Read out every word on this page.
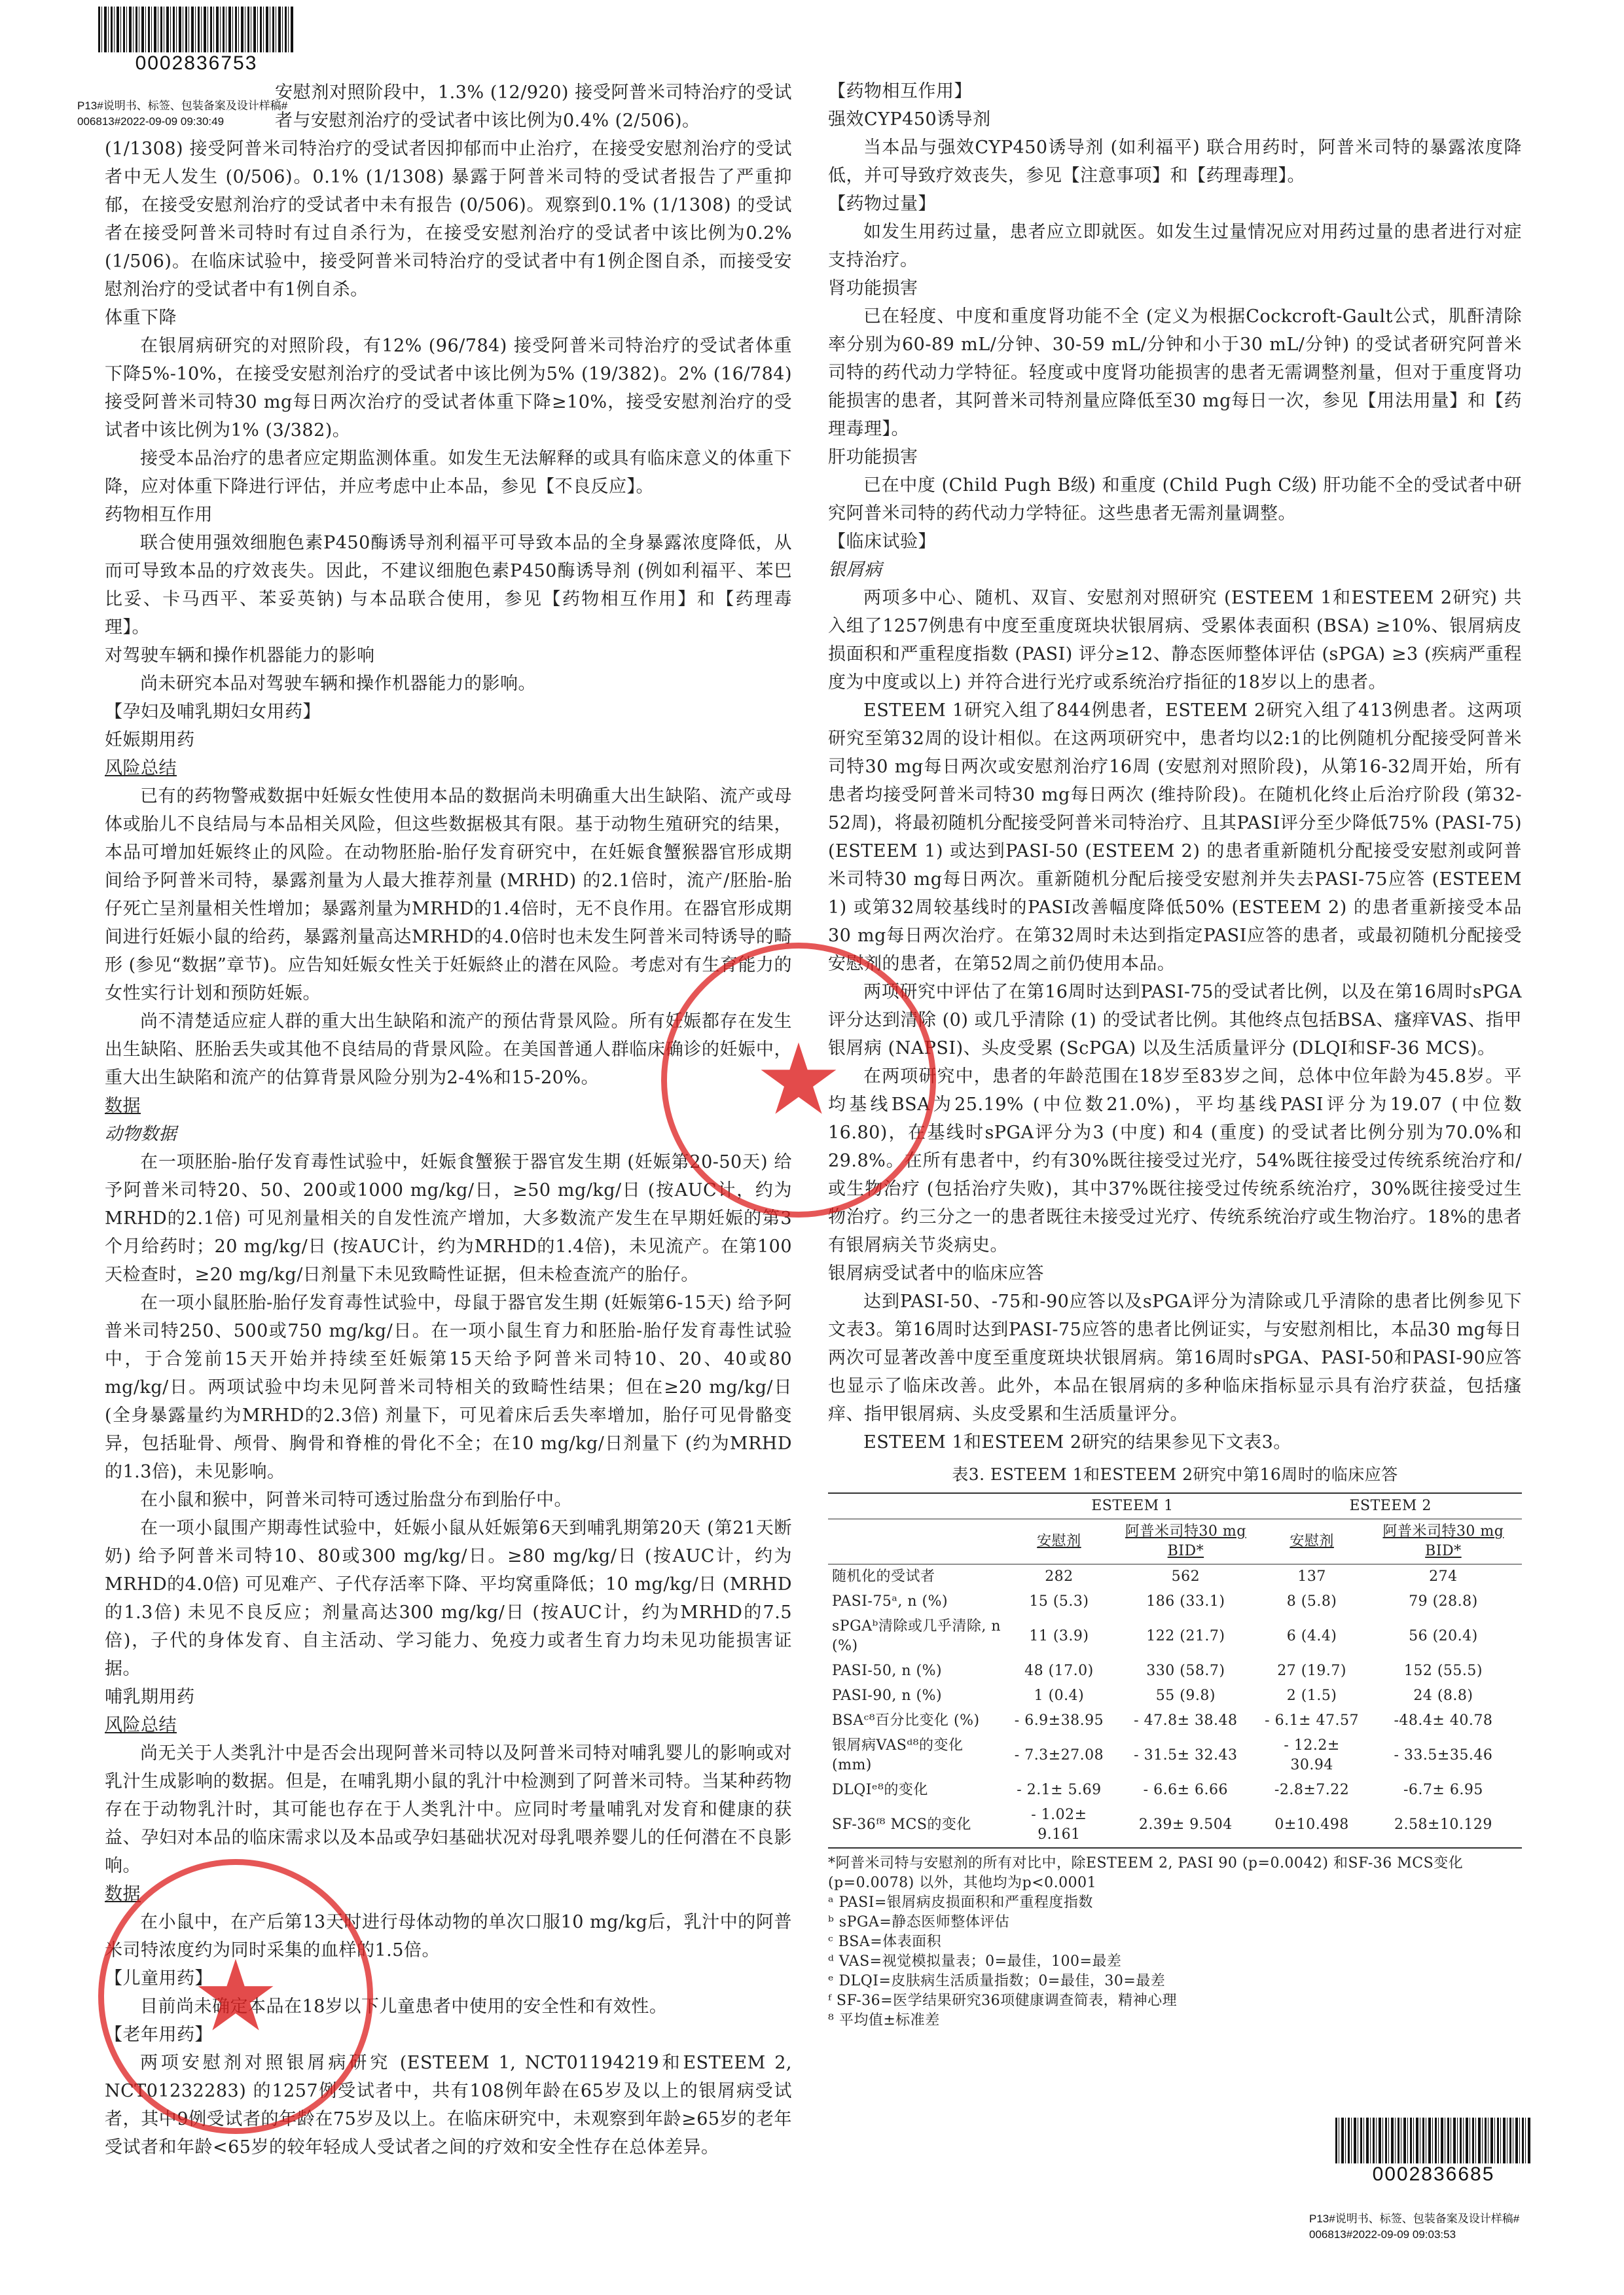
0002836753
P13#说明书、标签、包装备案及设计样稿#
006813#2022-09-09 09:30:49

安慰剂对照阶段中，1.3% (12/920) 接受阿普米司特治疗的受试者与安慰剂治疗的受试者中该比例为0.4% (2/506)。

(1/1308) 接受阿普米司特治疗的受试者因抑郁而中止治疗，在接受安慰剂治疗的受试者中无人发生 (0/506)。0.1% (1/1308) 暴露于阿普米司特的受试者报告了严重抑郁，在接受安慰剂治疗的受试者中未有报告 (0/506)。观察到0.1% (1/1308) 的受试者在接受阿普米司特时有过自杀行为，在接受安慰剂治疗的受试者中该比例为0.2% (1/506)。在临床试验中，接受阿普米司特治疗的受试者中有1例企图自杀，而接受安慰剂治疗的受试者中有1例自杀。

体重下降

在银屑病研究的对照阶段，有12% (96/784) 接受阿普米司特治疗的受试者体重下降5%-10%，在接受安慰剂治疗的受试者中该比例为5% (19/382)。2% (16/784) 接受阿普米司特30 mg每日两次治疗的受试者体重下降≥10%，接受安慰剂治疗的受试者中该比例为1% (3/382)。

接受本品治疗的患者应定期监测体重。如发生无法解释的或具有临床意义的体重下降，应对体重下降进行评估，并应考虑中止本品，参见【不良反应】。

药物相互作用

联合使用强效细胞色素P450酶诱导剂利福平可导致本品的全身暴露浓度降低，从而可导致本品的疗效丧失。因此，不建议细胞色素P450酶诱导剂 (例如利福平、苯巴比妥、卡马西平、苯妥英钠) 与本品联合使用，参见【药物相互作用】和【药理毒理】。

对驾驶车辆和操作机器能力的影响

尚未研究本品对驾驶车辆和操作机器能力的影响。

【孕妇及哺乳期妇女用药】
妊娠期用药
风险总结

已有的药物警戒数据中妊娠女性使用本品的数据尚未明确重大出生缺陷、流产或母体或胎儿不良结局与本品相关风险，但这些数据极其有限。基于动物生殖研究的结果，本品可增加妊娠终止的风险。在动物胚胎-胎仔发育研究中，在妊娠食蟹猴器官形成期间给予阿普米司特，暴露剂量为人最大推荐剂量 (MRHD) 的2.1倍时，流产/胚胎-胎仔死亡呈剂量相关性增加；暴露剂量为MRHD的1.4倍时，无不良作用。在器官形成期间进行妊娠小鼠的给药，暴露剂量高达MRHD的4.0倍时也未发生阿普米司特诱导的畸形 (参见“数据”章节)。应告知妊娠女性关于妊娠終止的潜在风险。考虑对有生育能力的女性实行计划和预防妊娠。

尚不清楚适应症人群的重大出生缺陷和流产的预估背景风险。所有妊娠都存在发生出生缺陷、胚胎丢失或其他不良结局的背景风险。在美国普通人群临床确诊的妊娠中，重大出生缺陷和流产的估算背景风险分别为2-4%和15-20%。

数据
动物数据

在一项胚胎-胎仔发育毒性试验中，妊娠食蟹猴于器官发生期 (妊娠第20-50天) 给予阿普米司特20、50、200或1000 mg/kg/日，≥50 mg/kg/日 (按AUC计，约为MRHD的2.1倍) 可见剂量相关的自发性流产增加，大多数流产发生在早期妊娠的第3个月给药时；20 mg/kg/日 (按AUC计，约为MRHD的1.4倍)，未见流产。在第100天检查时，≥20 mg/kg/日剂量下未见致畸性证据，但未检查流产的胎仔。

在一项小鼠胚胎-胎仔发育毒性试验中，母鼠于器官发生期 (妊娠第6-15天) 给予阿普米司特250、500或750 mg/kg/日。在一项小鼠生育力和胚胎-胎仔发育毒性试验中，于合笼前15天开始并持续至妊娠第15天给予阿普米司特10、20、40或80 mg/kg/日。两项试验中均未见阿普米司特相关的致畸性结果；但在≥20 mg/kg/日 (全身暴露量约为MRHD的2.3倍) 剂量下，可见着床后丢失率增加，胎仔可见骨骼变异，包括耻骨、颅骨、胸骨和脊椎的骨化不全；在10 mg/kg/日剂量下 (约为MRHD的1.3倍)，未见影响。

在小鼠和猴中，阿普米司特可透过胎盘分布到胎仔中。

在一项小鼠围产期毒性试验中，妊娠小鼠从妊娠第6天到哺乳期第20天 (第21天断奶) 给予阿普米司特10、80或300 mg/kg/日。≥80 mg/kg/日 (按AUC计，约为MRHD的4.0倍) 可见难产、子代存活率下降、平均窝重降低；10 mg/kg/日 (MRHD的1.3倍) 未见不良反应；剂量高达300 mg/kg/日 (按AUC计，约为MRHD的7.5倍)，子代的身体发育、自主活动、学习能力、免疫力或者生育力均未见功能损害证据。

哺乳期用药
风险总结

尚无关于人类乳汁中是否会出现阿普米司特以及阿普米司特对哺乳婴儿的影响或对乳汁生成影响的数据。但是，在哺乳期小鼠的乳汁中检测到了阿普米司特。当某种药物存在于动物乳汁时，其可能也存在于人类乳汁中。应同时考量哺乳对发育和健康的获益、孕妇对本品的临床需求以及本品或孕妇基础状况对母乳喂养婴儿的任何潜在不良影响。

数据

在小鼠中，在产后第13天时进行母体动物的单次口服10 mg/kg后，乳汁中的阿普米司特浓度约为同时采集的血样的1.5倍。

【儿童用药】

目前尚未确定本品在18岁以下儿童患者中使用的安全性和有效性。

【老年用药】

两项安慰剂对照银屑病研究 (ESTEEM 1, NCT01194219和ESTEEM 2, NCT01232283) 的1257例受试者中，共有108例年龄在65岁及以上的银屑病受试者，其中9例受试者的年龄在75岁及以上。在临床研究中，未观察到年龄≥65岁的老年受试者和年龄<65岁的较年轻成人受试者之间的疗效和安全性存在总体差异。

【药物相互作用】
强效CYP450诱导剂

当本品与强效CYP450诱导剂 (如利福平) 联合用药时，阿普米司特的暴露浓度降低，并可导致疗效丧失，参见【注意事项】和【药理毒理】。

【药物过量】

如发生用药过量，患者应立即就医。如发生过量情况应对用药过量的患者进行对症支持治疗。

肾功能损害

已在轻度、中度和重度肾功能不全 (定义为根据Cockcroft-Gault公式，肌酐清除率分别为60-89 mL/分钟、30-59 mL/分钟和小于30 mL/分钟) 的受试者研究阿普米司特的药代动力学特征。轻度或中度肾功能损害的患者无需调整剂量，但对于重度肾功能损害的患者，其阿普米司特剂量应降低至30 mg每日一次，参见【用法用量】和【药理毒理】。

肝功能损害

已在中度 (Child Pugh B级) 和重度 (Child Pugh C级) 肝功能不全的受试者中研究阿普米司特的药代动力学特征。这些患者无需剂量调整。

【临床试验】
银屑病

两项多中心、随机、双盲、安慰剂对照研究 (ESTEEM 1和ESTEEM 2研究) 共入组了1257例患有中度至重度斑块状银屑病、受累体表面积 (BSA) ≥10%、银屑病皮损面积和严重程度指数 (PASI) 评分≥12、静态医师整体评估 (sPGA) ≥3 (疾病严重程度为中度或以上) 并符合进行光疗或系统治疗指征的18岁以上的患者。

ESTEEM 1研究入组了844例患者，ESTEEM 2研究入组了413例患者。这两项研究至第32周的设计相似。在这两项研究中，患者均以2:1的比例随机分配接受阿普米司特30 mg每日两次或安慰剂治疗16周 (安慰剂对照阶段)，从第16-32周开始，所有患者均接受阿普米司特30 mg每日两次 (维持阶段)。在随机化终止后治疗阶段 (第32-52周)，将最初随机分配接受阿普米司特治疗、且其PASI评分至少降低75% (PASI-75) (ESTEEM 1) 或达到PASI-50 (ESTEEM 2) 的患者重新随机分配接受安慰剂或阿普米司特30 mg每日两次。重新随机分配后接受安慰剂并失去PASI-75应答 (ESTEEM 1) 或第32周较基线时的PASI改善幅度降低50% (ESTEEM 2) 的患者重新接受本品30 mg每日两次治疗。在第32周时未达到指定PASI应答的患者，或最初随机分配接受安慰剂的患者，在第52周之前仍使用本品。

两项研究中评估了在第16周时达到PASI-75的受试者比例，以及在第16周时sPGA评分达到清除 (0) 或几乎清除 (1) 的受试者比例。其他终点包括BSA、瘙痒VAS、指甲银屑病 (NAPSI)、头皮受累 (ScPGA) 以及生活质量评分 (DLQI和SF-36 MCS)。

在两项研究中，患者的年龄范围在18岁至83岁之间，总体中位年龄为45.8岁。平均基线BSA为25.19% (中位数21.0%)，平均基线PASI评分为19.07 (中位数16.80)，在基线时sPGA评分为3 (中度) 和4 (重度) 的受试者比例分别为70.0%和29.8%。在所有患者中，约有30%既往接受过光疗，54%既往接受过传统系统治疗和/或生物治疗 (包括治疗失败)，其中37%既往接受过传统系统治疗，30%既往接受过生物治疗。约三分之一的患者既往未接受过光疗、传统系统治疗或生物治疗。18%的患者有银屑病关节炎病史。

银屑病受试者中的临床应答

达到PASI-50、-75和-90应答以及sPGA评分为清除或几乎清除的患者比例参见下文表3。第16周时达到PASI-75应答的患者比例证实，与安慰剂相比，本品30 mg每日两次可显著改善中度至重度斑块状银屑病。第16周时sPGA、PASI-50和PASI-90应答也显示了临床改善。此外，本品在银屑病的多种临床指标显示具有治疗获益，包括瘙痒、指甲银屑病、头皮受累和生活质量评分。

ESTEEM 1和ESTEEM 2研究的结果参见下文表3。

表3. ESTEEM 1和ESTEEM 2研究中第16周时的临床应答
	ESTEEM 1		ESTEEM 2	
	安慰剂	阿普米司特30 mg BID*	安慰剂	阿普米司特30 mg BID*
随机化的受试者	282	562	137	274
PASI-75ᵃ, n (%)	15 (5.3)	186 (33.1)	8 (5.8)	79 (28.8)
sPGAᵇ清除或几乎清除, n (%)	11 (3.9)	122 (21.7)	6 (4.4)	56 (20.4)
PASI-50, n (%)	48 (17.0)	330 (58.7)	27 (19.7)	152 (55.5)
PASI-90, n (%)	1 (0.4)	55 (9.8)	2 (1.5)	24 (8.8)
BSAᶜ⁸百分比变化 (%)	- 6.9±38.95	- 47.8± 38.48	- 6.1± 47.57	-48.4± 40.78
银屑病VASᵈ⁸的变化 (mm)	- 7.3±27.08	- 31.5± 32.43	- 12.2± 30.94	- 33.5±35.46
DLQIᵉ⁸的变化	- 2.1± 5.69	- 6.6± 6.66	-2.8±7.22	-6.7± 6.95
SF-36ᶠ⁸ MCS的变化	- 1.02± 9.161	2.39± 9.504	0±10.498	2.58±10.129
*阿普米司特与安慰剂的所有对比中，除ESTEEM 2, PASI 90 (p=0.0042) 和SF-36 MCS变化 (p=0.0078) 以外，其他均为p<0.0001
ᵃ PASI=银屑病皮损面积和严重程度指数
ᵇ sPGA=静态医师整体评估
ᶜ BSA=体表面积
ᵈ VAS=视觉模拟量表；0=最佳，100=最差
ᵉ DLQI=皮肤病生活质量指数；0=最佳，30=最差
ᶠ SF-36=医学结果研究36项健康调查简表，精神心理
⁸ 平均值±标准差
★
★
0002836685
P13#说明书、标签、包装备案及设计样稿#
006813#2022-09-09 09:03:53
